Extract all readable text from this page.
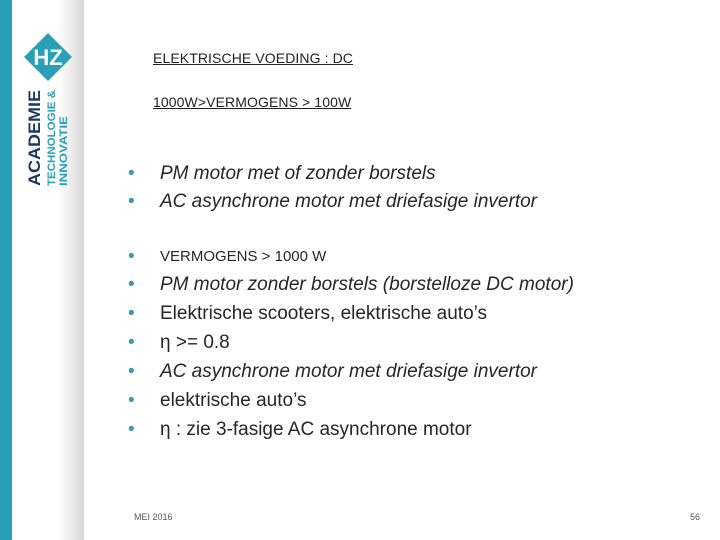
HZ
ACADEMIE TECHNOLOGIE & INNOVATIE
ELEKTRISCHE VOEDING : DC
1000W>VERMOGENS > 100W
• PM motor met of zonder borstels
• AC asynchrone motor met driefasige invertor
• VERMOGENS > 1000 W
• PM motor zonder borstels (borstelloze DC motor)
• Elektrische scooters, elektrische auto’s
• η >= 0.8
• AC asynchrone motor met driefasige invertor
• elektrische auto’s
• η : zie 3-fasige AC asynchrone motor
MEI 2016	56
